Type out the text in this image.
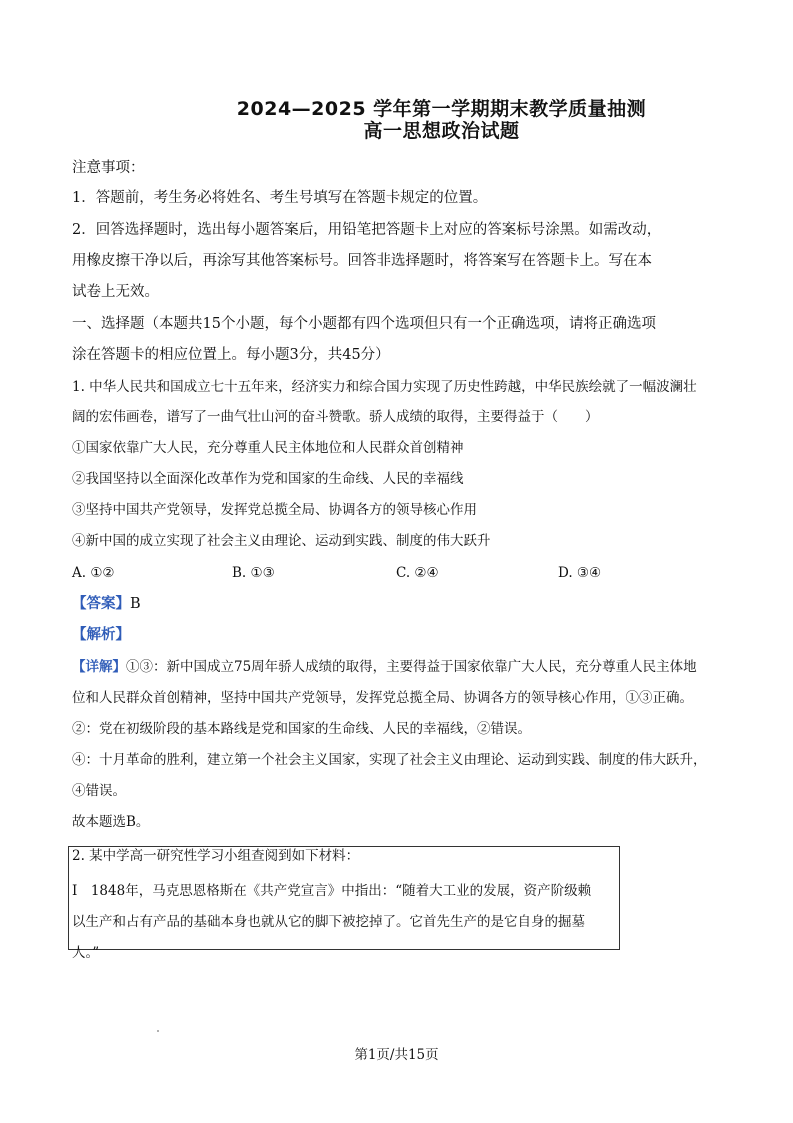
2024—2025 学年第一学期期末教学质量抽测
高一思想政治试题
注意事项：
1．答题前，考生务必将姓名、考生号填写在答题卡规定的位置。
2．回答选择题时，选出每小题答案后，用铅笔把答题卡上对应的答案标号涂黑。如需改动，
用橡皮擦干净以后，再涂写其他答案标号。回答非选择题时，将答案写在答题卡上。写在本
试卷上无效。
一、选择题（本题共15个小题，每个小题都有四个选项但只有一个正确选项，请将正确选项
涂在答题卡的相应位置上。每小题3分，共45分）
1. 中华人民共和国成立七十五年来，经济实力和综合国力实现了历史性跨越，中华民族绘就了一幅波澜壮
阔的宏伟画卷，谱写了一曲气壮山河的奋斗赞歌。骄人成绩的取得，主要得益于（　　）
①国家依靠广大人民，充分尊重人民主体地位和人民群众首创精神
②我国坚持以全面深化改革作为党和国家的生命线、人民的幸福线
③坚持中国共产党领导，发挥党总揽全局、协调各方的领导核心作用
④新中国的成立实现了社会主义由理论、运动到实践、制度的伟大跃升
A. ①②	B. ①③	C. ②④	D. ③④
【答案】B
【解析】
【详解】①③：新中国成立75周年骄人成绩的取得，主要得益于国家依靠广大人民，充分尊重人民主体地
位和人民群众首创精神，坚持中国共产党领导，发挥党总揽全局、协调各方的领导核心作用，①③正确。
②：党在初级阶段的基本路线是党和国家的生命线、人民的幸福线，②错误。
④：十月革命的胜利，建立第一个社会主义国家，实现了社会主义由理论、运动到实践、制度的伟大跃升，
④错误。
故本题选B。
2. 某中学高一研究性学习小组查阅到如下材料：
Ⅰ　1848年，马克思恩格斯在《共产党宣言》中指出：“随着大工业的发展，资产阶级赖
以生产和占有产品的基础本身也就从它的脚下被挖掉了。它首先生产的是它自身的掘墓
人。”
第1页/共15页
